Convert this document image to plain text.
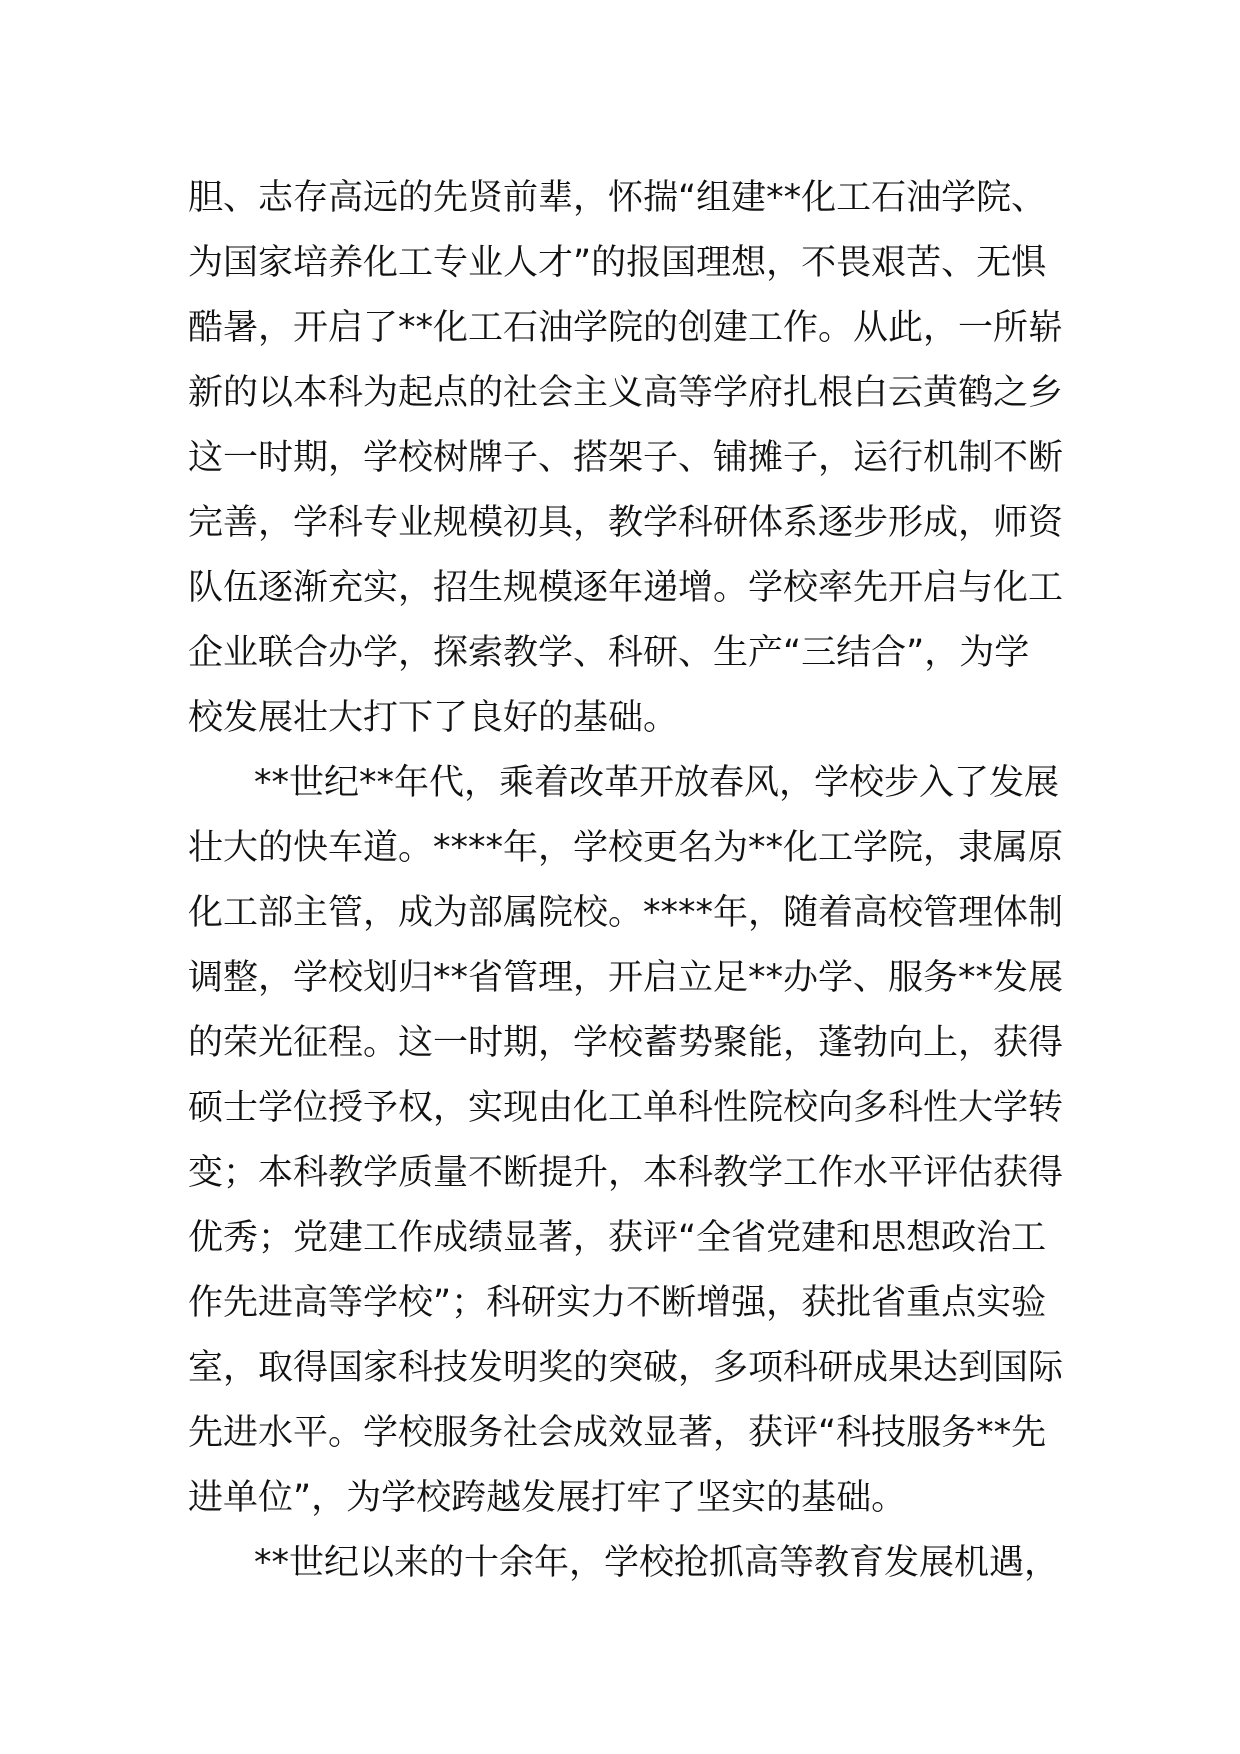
胆、志存高远的先贤前辈，怀揣“组建**化工石油学院、
为国家培养化工专业人才”的报国理想，不畏艰苦、无惧
酷暑，开启了**化工石油学院的创建工作。从此，一所崭
新的以本科为起点的社会主义高等学府扎根白云黄鹤之乡
这一时期，学校树牌子、搭架子、铺摊子，运行机制不断
完善，学科专业规模初具，教学科研体系逐步形成，师资
队伍逐渐充实，招生规模逐年递增。学校率先开启与化工
企业联合办学，探索教学、科研、生产“三结合”，为学
校发展壮大打下了良好的基础。
**世纪**年代，乘着改革开放春风，学校步入了发展
壮大的快车道。****年，学校更名为**化工学院，隶属原
化工部主管，成为部属院校。****年，随着高校管理体制
调整，学校划归**省管理，开启立足**办学、服务**发展
的荣光征程。这一时期，学校蓄势聚能，蓬勃向上，获得
硕士学位授予权，实现由化工单科性院校向多科性大学转
变；本科教学质量不断提升，本科教学工作水平评估获得
优秀；党建工作成绩显著，获评“全省党建和思想政治工
作先进高等学校”；科研实力不断增强，获批省重点实验
室，取得国家科技发明奖的突破，多项科研成果达到国际
先进水平。学校服务社会成效显著，获评“科技服务**先
进单位”，为学校跨越发展打牢了坚实的基础。
**世纪以来的十余年，学校抢抓高等教育发展机遇，
